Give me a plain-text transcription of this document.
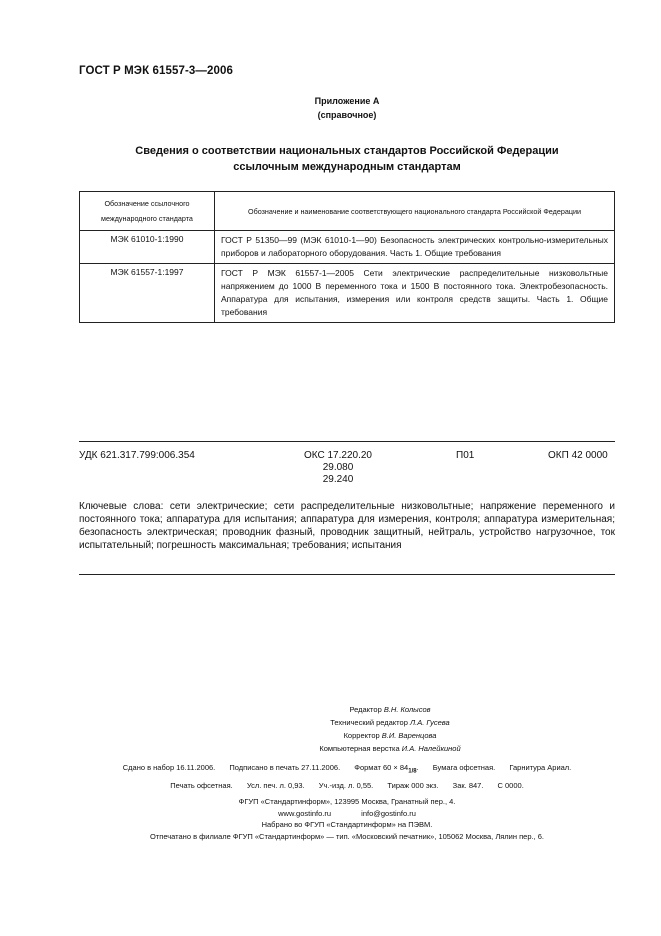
ГОСТ Р МЭК 61557-3—2006
Приложение А
(справочное)
Сведения о соответствии национальных стандартов Российской Федерации
ссылочным международным стандартам
Обозначение ссылочного международного стандарта	Обозначение и наименование соответствующего национального стандарта Российской Федерации
МЭК 61010-1:1990	ГОСТ Р 51350—99 (МЭК 61010-1—90) Безопасность электрических контрольно-измерительных приборов и лабораторного оборудования. Часть 1. Общие требования
МЭК 61557-1:1997	ГОСТ Р МЭК 61557-1—2005 Сети электрические распределительные низковольтные напряжением до 1000 В переменного тока и 1500 В постоянного тока. Электробезопасность. Аппаратура для испытания, измерения или контроля средств защиты. Часть 1. Общие требования
УДК 621.317.799:006.354	ОКС 17.220.20
29.080
29.240
П01	ОКП 42 0000
Ключевые слова: сети электрические; сети распределительные низковольтные; напряжение переменного и постоянного тока; аппаратура для испытания; аппаратура для измерения, контроля; аппаратура измерительная; безопасность электрическая; проводник фазный, проводник защитный, нейтраль, устройство нагрузочное, ток испытательный; погрешность максимальная; требования; испытания
Редактор В.Н. Колысов
Технический редактор Л.А. Гусева
Корректор В.И. Варенцова
Компьютерная верстка И.А. Налейкиной
Сдано в набор 16.11.2006. Подписано в печать 27.11.2006. Формат $60 \times 84_{1/8}$. Бумага офсетная. Гарнитура Ариал.
Печать офсетная. Усл. печ. л. 0,93. Уч.-изд. л. 0,55. Тираж 000 экз. Зак. 847. С 0000.
ФГУП «Стандартинформ», 123995 Москва, Гранатный пер., 4.
www.gostinfo.ru	info@gostinfo.ru
Набрано во ФГУП «Стандартинформ» на ПЭВМ.
Отпечатано в филиале ФГУП «Стандартинформ» — тип. «Московский печатник», 105062 Москва, Лялин пер., 6.
